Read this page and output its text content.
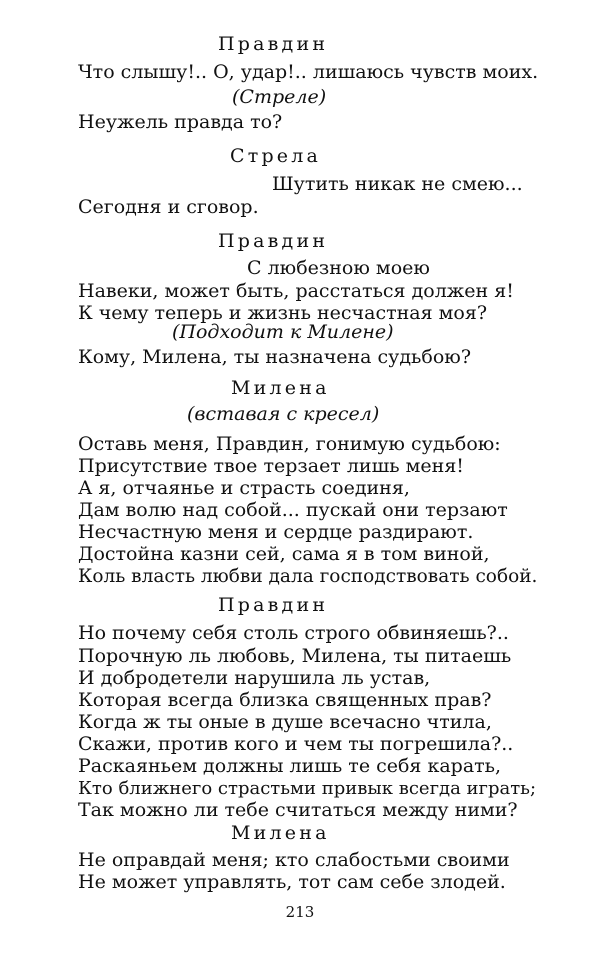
Правдин
Что слышу!.. О, удар!.. лишаюсь чувств моих.
(Стреле)
Неужель правда то?
Стрела
Шутить никак не смею...
Сегодня и сговор.
Правдин
С любезною моею
Навеки, может быть, расстаться должен я!
К чему теперь и жизнь несчастная моя?
(Подходит к Милене)
Кому, Милена, ты назначена судьбою?
Милена
(вставая с кресел)
Оставь меня, Правдин, гонимую судьбою:
Присутствие твое терзает лишь меня!
А я, отчаянье и страсть соединя,
Дам волю над собой... пускай они терзают
Несчастную меня и сердце раздирают.
Достойна казни сей, сама я в том виной,
Коль власть любви дала господствовать собой.
Правдин
Но почему себя столь строго обвиняешь?..
Порочную ль любовь, Милена, ты питаешь
И добродетели нарушила ль устав,
Которая всегда близка священных прав?
Когда ж ты оные в душе всечасно чтила,
Скажи, против кого и чем ты погрешила?..
Раскаяньем должны лишь те себя карать,
Кто ближнего страстьми привык всегда играть;
Так можно ли тебе считаться между ними?
Милена
Не оправдай меня; кто слабостьми своими
Не может управлять, тот сам себе злодей.
213
